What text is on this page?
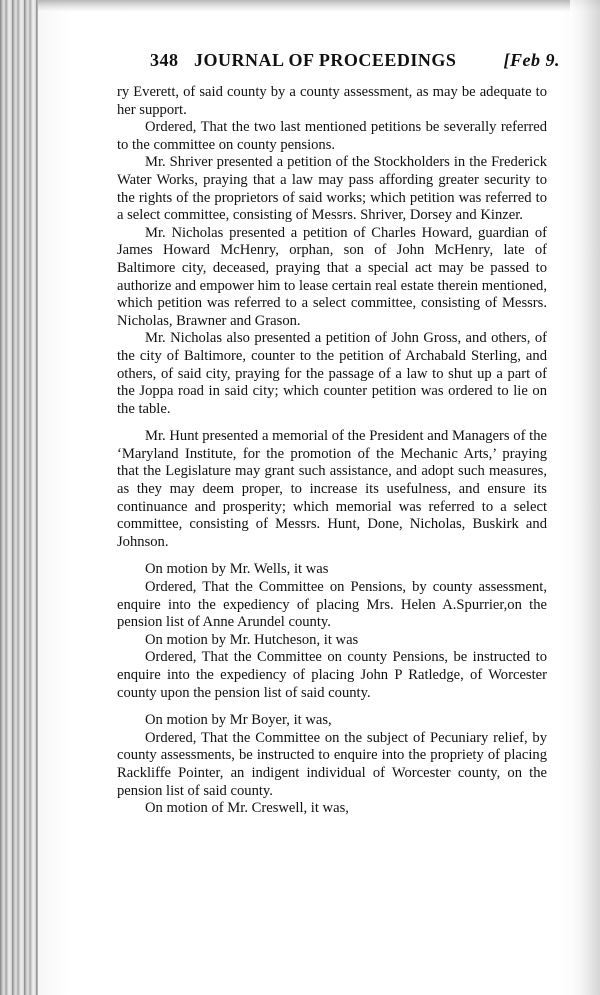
348 JOURNAL OF PROCEEDINGS	[Feb 9.

ry Everett, of said county by a county assessment, as may be adequate to her support.

Ordered, That the two last mentioned petitions be severally referred to the committee on county pensions.

Mr. Shriver presented a petition of the Stockholders in the Frederick Water Works, praying that a law may pass affording greater security to the rights of the proprietors of said works; which petition was referred to a select committee, consisting of Messrs. Shriver, Dorsey and Kinzer.

Mr. Nicholas presented a petition of Charles Howard, guardian of James Howard McHenry, orphan, son of John McHenry, late of Baltimore city, deceased, praying that a special act may be passed to authorize and empower him to lease certain real estate therein mentioned, which petition was referred to a select committee, consisting of Messrs. Nicholas, Brawner and Grason.

Mr. Nicholas also presented a petition of John Gross, and others, of the city of Baltimore, counter to the petition of Archabald Sterling, and others, of said city, praying for the passage of a law to shut up a part of the Joppa road in said city; which counter petition was ordered to lie on the table.

Mr. Hunt presented a memorial of the President and Managers of the ‘Maryland Institute, for the promotion of the Mechanic Arts,’ praying that the Legislature may grant such assistance, and adopt such measures, as they may deem proper, to increase its usefulness, and ensure its continuance and prosperity; which memorial was referred to a select committee, consisting of Messrs. Hunt, Done, Nicholas, Buskirk and Johnson.

On motion by Mr. Wells, it was

Ordered, That the Committee on Pensions, by county assessment, enquire into the expediency of placing Mrs. Helen A.Spurrier,on the pension list of Anne Arundel county.

On motion by Mr. Hutcheson, it was

Ordered, That the Committee on county Pensions, be instructed to enquire into the expediency of placing John P Ratledge, of Worcester county upon the pension list of said county.

On motion by Mr Boyer, it was,

Ordered, That the Committee on the subject of Pecuniary relief, by county assessments, be instructed to enquire into the propriety of placing Rackliffe Pointer, an indigent individual of Worcester county, on the pension list of said county.

On motion of Mr. Creswell, it was,
